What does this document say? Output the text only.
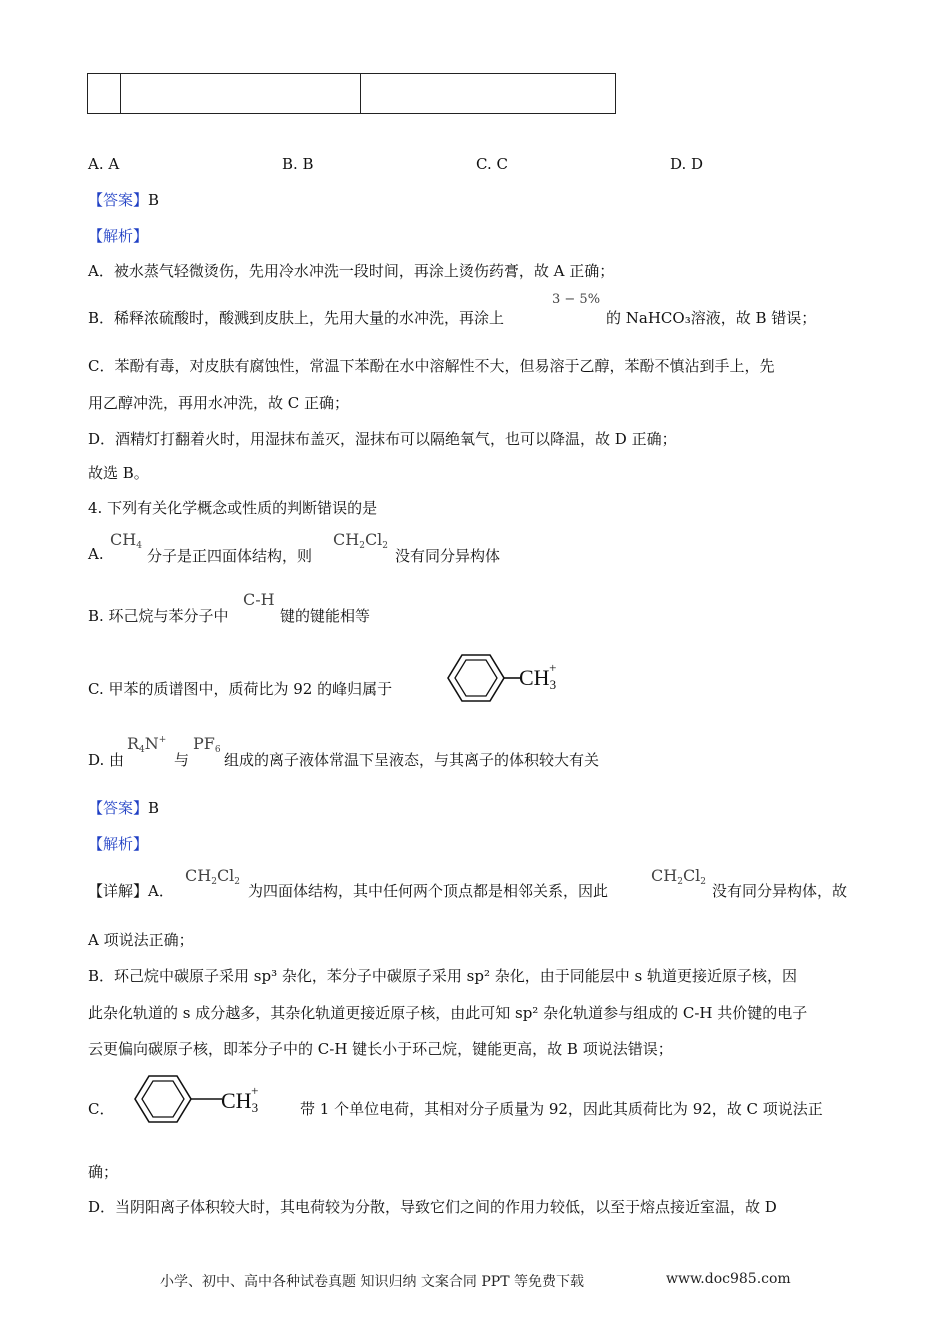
A. A	B. B	C. C	D. D
【答案】B
【解析】
A．被水蒸气轻微烫伤，先用冷水冲洗一段时间，再涂上烫伤药膏，故 A 正确；
B．稀释浓硫酸时，酸溅到皮肤上，先用大量的水冲洗，再涂上
3 − 5%
的 NaHCO₃溶液，故 B 错误；
C．苯酚有毒，对皮肤有腐蚀性，常温下苯酚在水中溶解性不大，但易溶于乙醇，苯酚不慎沾到手上，先
用乙醇冲洗，再用水冲洗，故 C 正确；
D．酒精灯打翻着火时，用湿抹布盖灭，湿抹布可以隔绝氧气，也可以降温，故 D 正确；
故选 B。
4. 下列有关化学概念或性质的判断错误的是
A.
$CH_4$
分子是正四面体结构，则
$CH_2Cl_2$
没有同分异构体
B. 环己烷与苯分子中
C-H
键的键能相等
C. 甲苯的质谱图中，质荷比为 92 的峰归属于	CH3+
D. 由
$R_4N^+$
与
$PF_6$
组成的离子液体常温下呈液态，与其离子的体积较大有关
【答案】B
【解析】
【详解】A．
$CH_2Cl_2$ 为四面体结构，其中任何两个顶点都是相邻关系，因此
$CH_2Cl_2$ 没有同分异构体，故
A 项说法正确；
B．环己烷中碳原子采用 sp³ 杂化，苯分子中碳原子采用 sp² 杂化，由于同能层中 s 轨道更接近原子核，因
此杂化轨道的 s 成分越多，其杂化轨道更接近原子核，由此可知 sp² 杂化轨道参与组成的 C-H 共价键的电子
云更偏向碳原子核，即苯分子中的 C-H 键长小于环己烷，键能更高，故 B 项说法错误；
C．	CH3+
带 1 个单位电荷，其相对分子质量为 92，因此其质荷比为 92，故 C 项说法正
确；
D．当阴阳离子体积较大时，其电荷较为分散，导致它们之间的作用力较低，以至于熔点接近室温，故 D
小学、初中、高中各种试卷真题 知识归纳 文案合同 PPT 等免费下载	www.doc985.com
